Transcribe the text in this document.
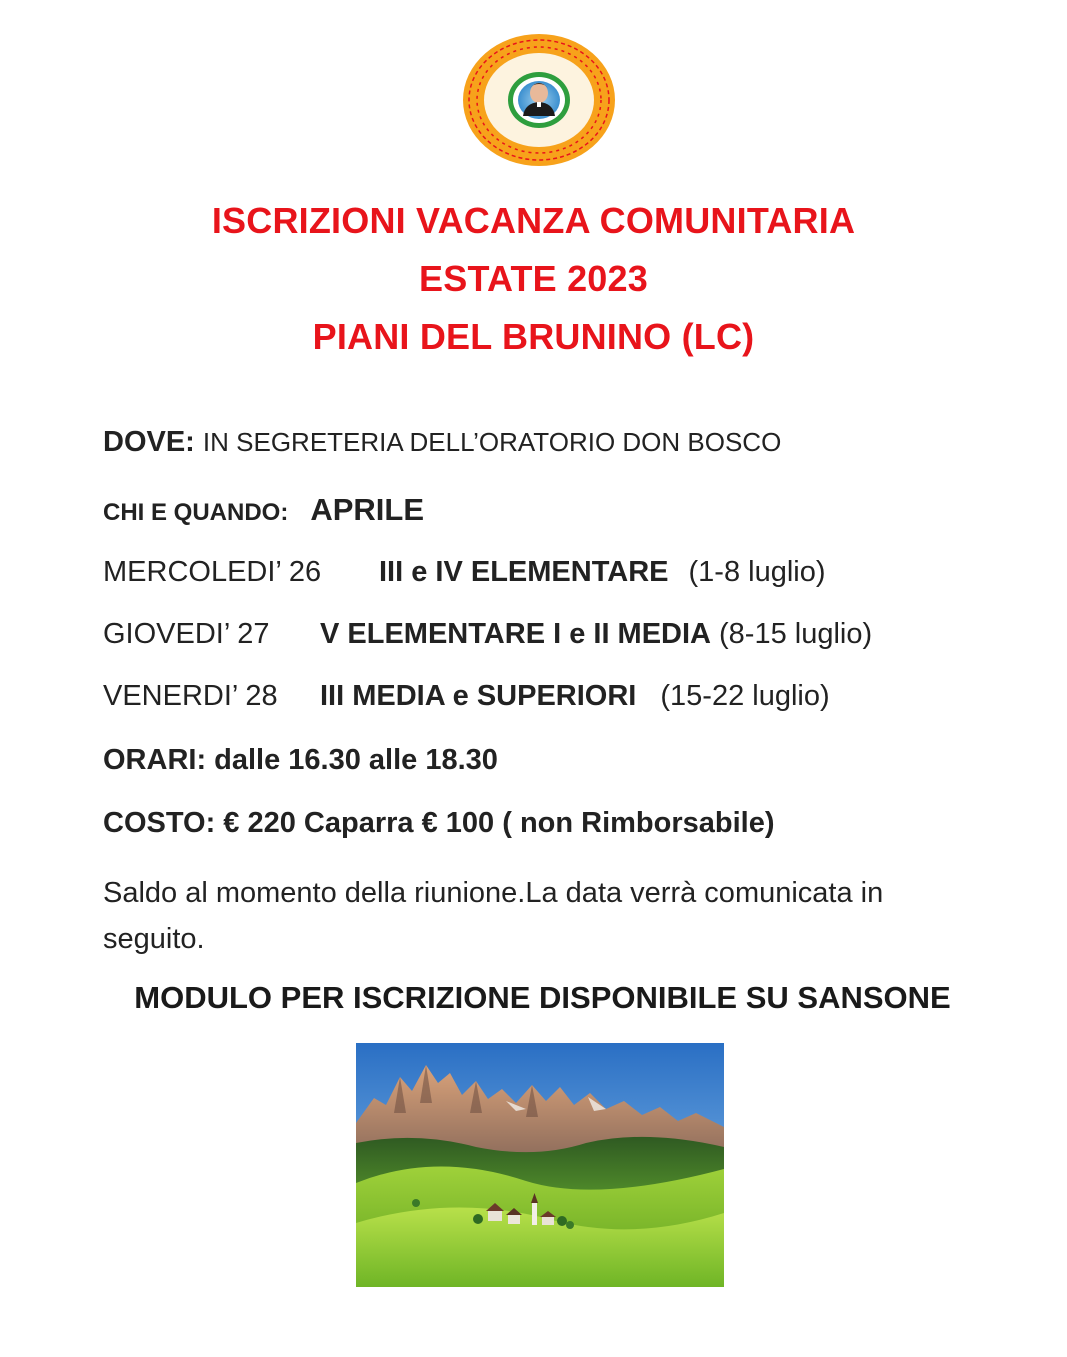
ISCRIZIONI VACANZA COMUNITARIA
ESTATE 2023
PIANI DEL BRUNINO (LC)
DOVE: IN SEGRETERIA DELL’ORATORIO DON BOSCO
CHI E QUANDO: APRILE
MERCOLEDI’ 26 III e IV ELEMENTARE (1-8 luglio)
GIOVEDI’ 27 V ELEMENTARE I e II MEDIA (8-15 luglio)
VENERDI’ 28 III MEDIA e SUPERIORI (15-22 luglio)
ORARI: dalle 16.30 alle 18.30
COSTO: € 220 Caparra € 100 ( non Rimborsabile)
Saldo al momento della riunione.La data verrà comunicata in seguito.
MODULO PER ISCRIZIONE DISPONIBILE SU SANSONE
